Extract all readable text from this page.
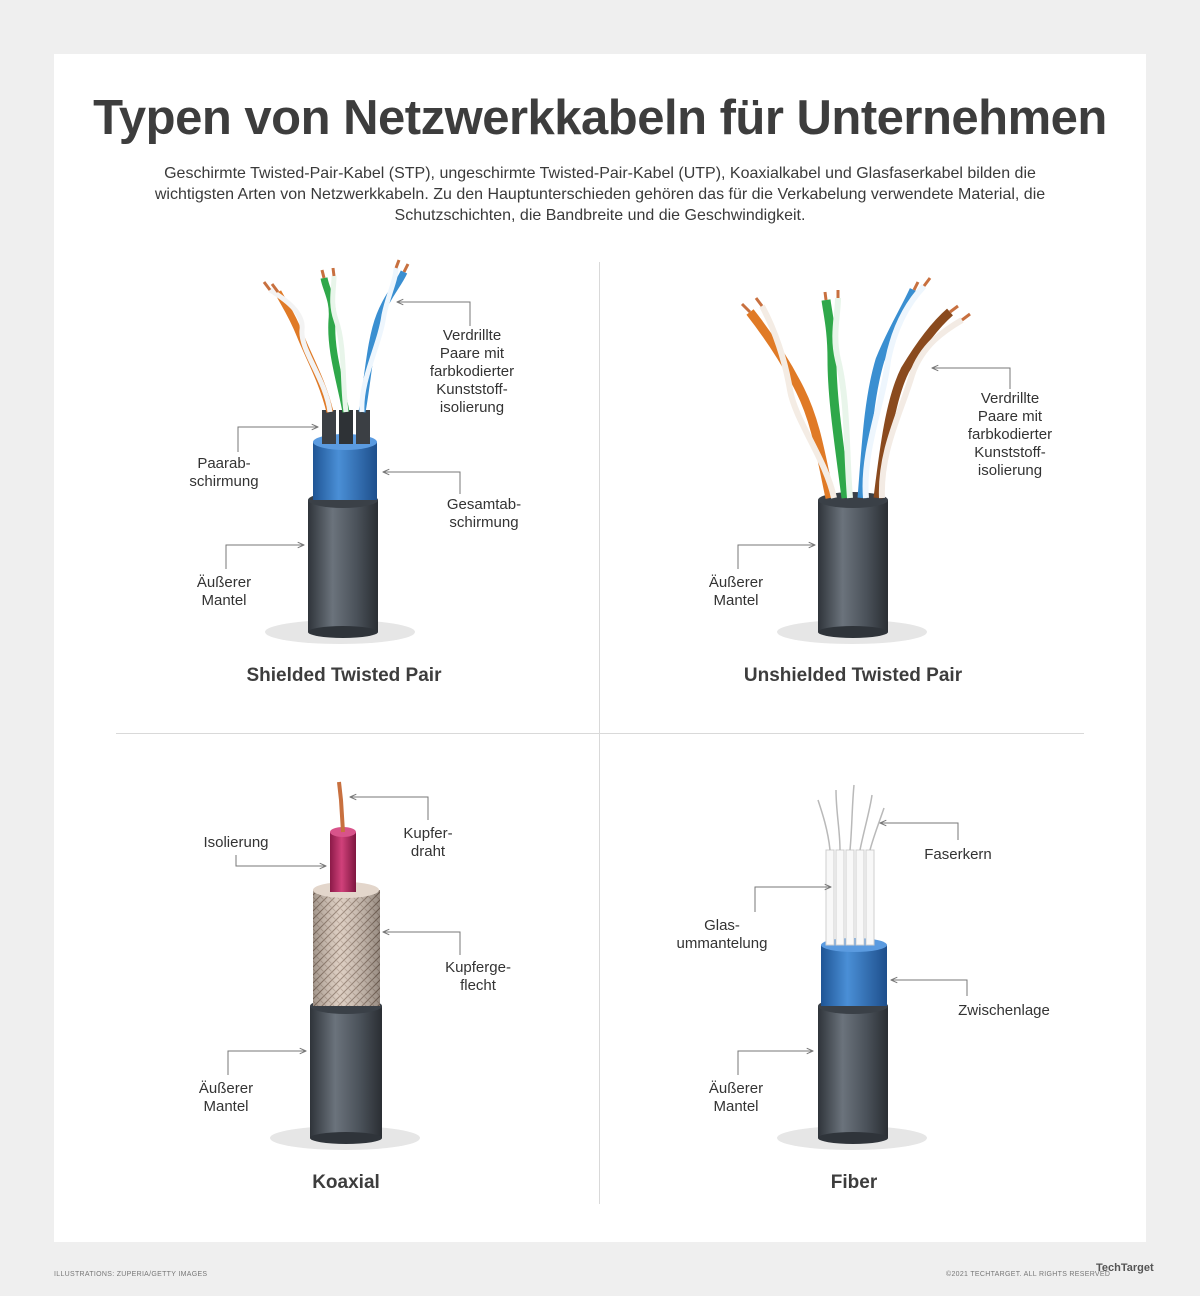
Typen von Netzwerkkabeln für Unternehmen

Geschirmte Twisted-Pair-Kabel (STP), ungeschirmte Twisted-Pair-Kabel (UTP), Koaxialkabel und Glasfaserkabel bilden die wichtigsten Arten von Netzwerkkabeln. Zu den Hauptunterschieden gehören das für die Verkabelung verwendete Material, die Schutzschichten, die Bandbreite und die Geschwindigkeit.

Verdrillte
Paare mit
farbkodierter
Kunststoff-
isolierung
Paarab-
schirmung
Gesamtab-
schirmung
Äußerer
Mantel
Shielded Twisted Pair
Verdrillte
Paare mit
farbkodierter
Kunststoff-
isolierung
Äußerer
Mantel
Unshielded Twisted Pair
Isolierung
Kupfer-
draht
Kupferge-
flecht
Äußerer
Mantel
Koaxial
Faserkern
Glas-
ummantelung
Zwischenlage
Äußerer
Mantel
Fiber
ILLUSTRATIONS: ZUPERIA/GETTY IMAGES	©2021 TECHTARGET. ALL RIGHTS RESERVED
TechTarget
